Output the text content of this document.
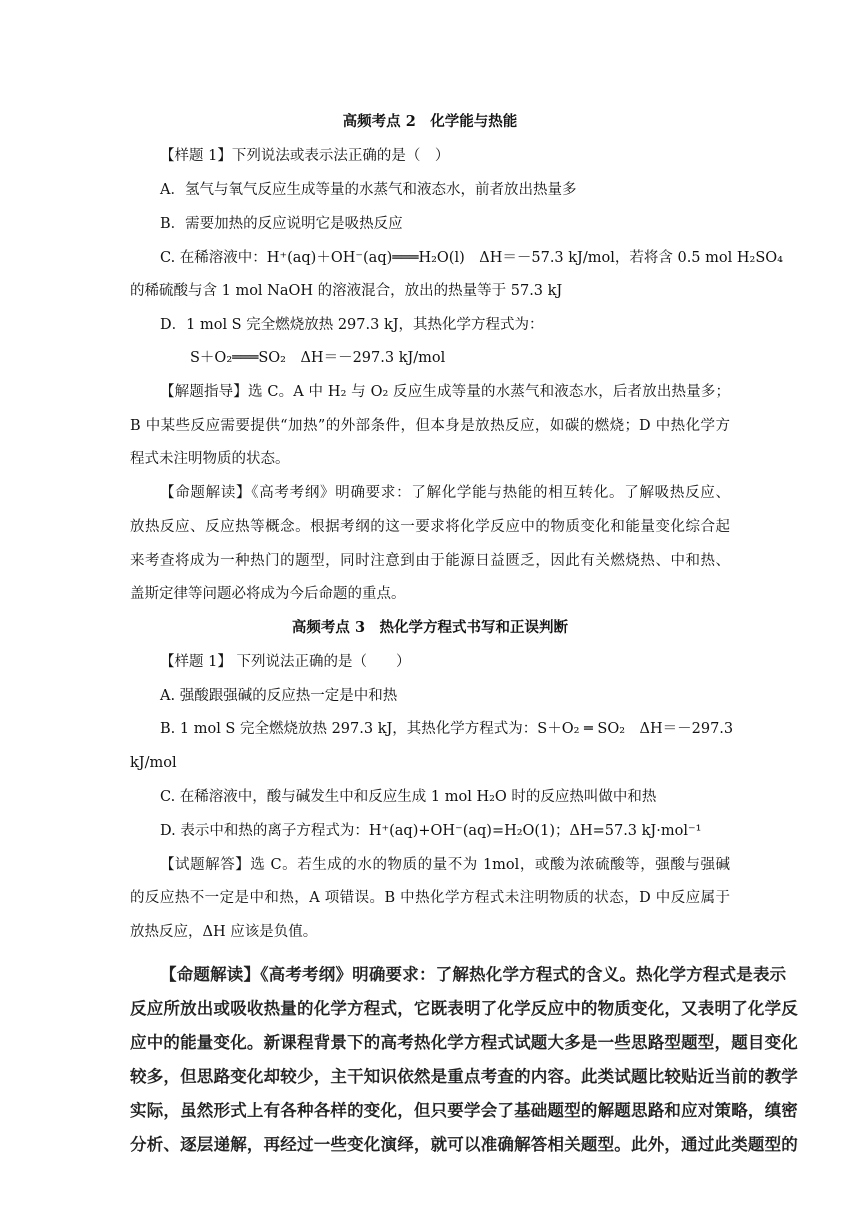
高频考点 2　化学能与热能
【样题 1】下列说法或表示法正确的是（　）
A．氢气与氧气反应生成等量的水蒸气和液态水，前者放出热量多
B．需要加热的反应说明它是吸热反应
C. 在稀溶液中：H⁺(aq)＋OH⁻(aq)═══H₂O(l)　ΔH＝－57.3 kJ/mol，若将含 0.5 mol H₂SO₄
的稀硫酸与含 1 mol NaOH 的溶液混合，放出的热量等于 57.3 kJ
D．1 mol S 完全燃烧放热 297.3 kJ，其热化学方程式为：
S＋O₂═══SO₂　ΔH＝－297.3 kJ/mol
【解题指导】选 C。A 中 H₂ 与 O₂ 反应生成等量的水蒸气和液态水，后者放出热量多；
B 中某些反应需要提供“加热”的外部条件，但本身是放热反应，如碳的燃烧；D 中热化学方
程式未注明物质的状态。
【命题解读】《高考考纲》明确要求：了解化学能与热能的相互转化。了解吸热反应、
放热反应、反应热等概念。根据考纲的这一要求将化学反应中的物质变化和能量变化综合起
来考查将成为一种热门的题型，同时注意到由于能源日益匮乏，因此有关燃烧热、中和热、
盖斯定律等问题必将成为今后命题的重点。
高频考点 3　热化学方程式书写和正误判断
【样题 1】 下列说法正确的是（　　）
A. 强酸跟强碱的反应热一定是中和热
B. 1 mol S 完全燃烧放热 297.3 kJ，其热化学方程式为：S＋O₂ ═ SO₂　ΔH＝－297.3
kJ/mol
C. 在稀溶液中，酸与碱发生中和反应生成 1 mol H₂O 时的反应热叫做中和热
D. 表示中和热的离子方程式为：H⁺(aq)+OH⁻(aq)=H₂O(1)；ΔH=57.3 kJ·mol⁻¹
【试题解答】选 C。若生成的水的物质的量不为 1mol，或酸为浓硫酸等，强酸与强碱
的反应热不一定是中和热，A 项错误。B 中热化学方程式未注明物质的状态，D 中反应属于
放热反应，ΔH 应该是负值。
【命题解读】《高考考纲》明确要求：了解热化学方程式的含义。热化学方程式是表示
反应所放出或吸收热量的化学方程式，它既表明了化学反应中的物质变化，又表明了化学反
应中的能量变化。新课程背景下的高考热化学方程式试题大多是一些思路型题型，题目变化
较多，但思路变化却较少，主干知识依然是重点考查的内容。此类试题比较贴近当前的教学
实际，虽然形式上有各种各样的变化，但只要学会了基础题型的解题思路和应对策略，缜密
分析、逐层递解，再经过一些变化演绎，就可以准确解答相关题型。此外，通过此类题型的
